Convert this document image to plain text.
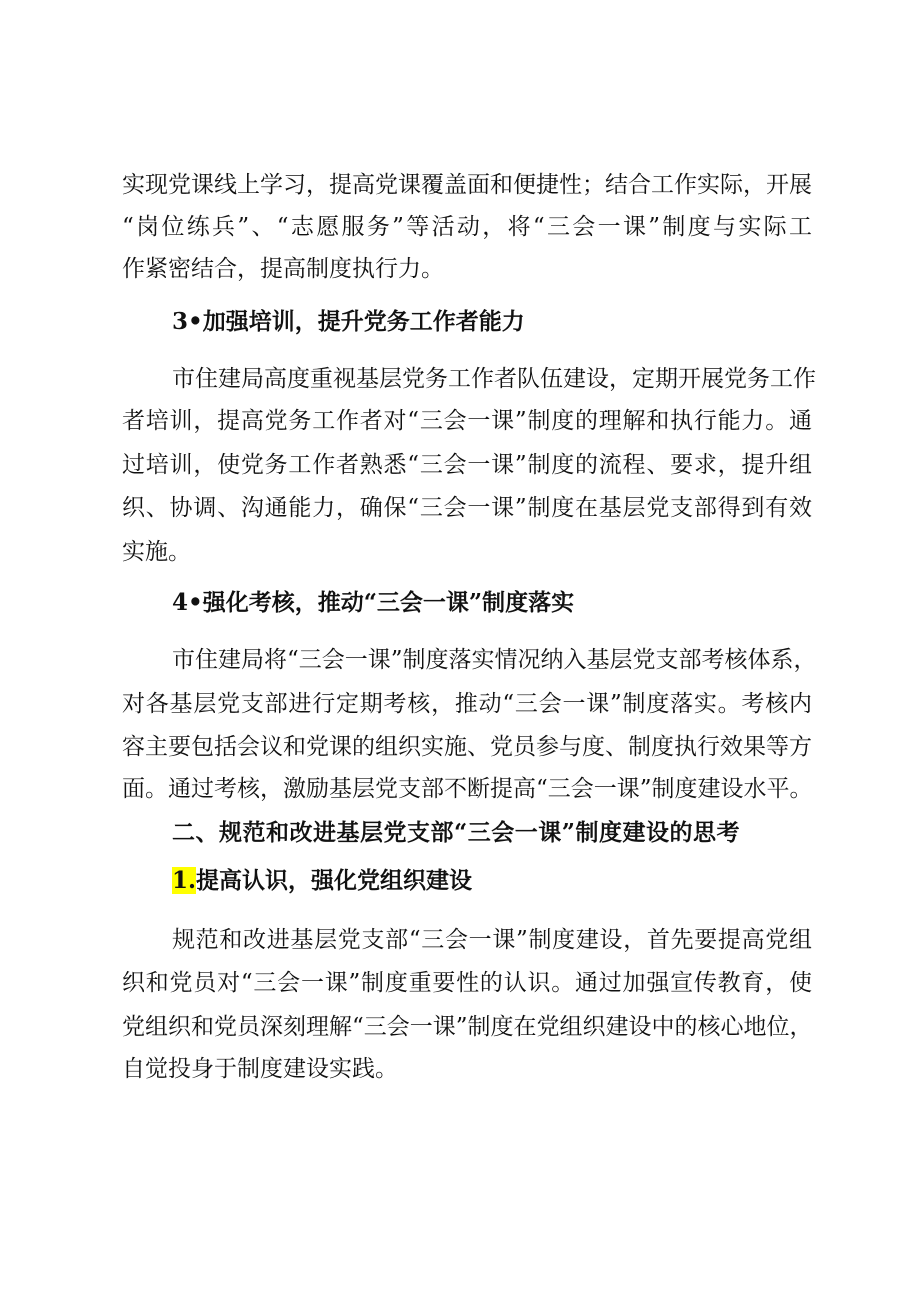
实现党课线上学习，提高党课覆盖面和便捷性；结合工作实际，开展
“岗位练兵”、“志愿服务”等活动，将“三会一课”制度与实际工
作紧密结合，提高制度执行力。
3•加强培训，提升党务工作者能力
市住建局高度重视基层党务工作者队伍建设，定期开展党务工作
者培训，提高党务工作者对“三会一课”制度的理解和执行能力。通
过培训，使党务工作者熟悉“三会一课”制度的流程、要求，提升组
织、协调、沟通能力，确保“三会一课”制度在基层党支部得到有效
实施。
4•强化考核，推动“三会一课”制度落实
市住建局将“三会一课”制度落实情况纳入基层党支部考核体系，
对各基层党支部进行定期考核，推动“三会一课”制度落实。考核内
容主要包括会议和党课的组织实施、党员参与度、制度执行效果等方
面。通过考核，激励基层党支部不断提高“三会一课”制度建设水平。
二、规范和改进基层党支部“三会一课”制度建设的思考
1.提高认识，强化党组织建设
规范和改进基层党支部“三会一课”制度建设，首先要提高党组
织和党员对“三会一课”制度重要性的认识。通过加强宣传教育，使
党组织和党员深刻理解“三会一课”制度在党组织建设中的核心地位，
自觉投身于制度建设实践。
